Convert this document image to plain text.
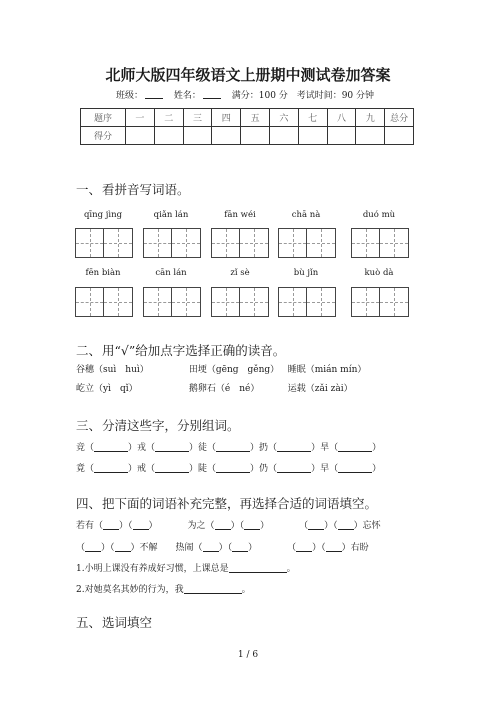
北师大版四年级语文上册期中测试卷加答案
班级：	姓名：	满分：100 分 考试时间：90 分钟
题序	一	二	三	四	五	六	七	八	九	总分
得分										
一、看拼音写词语。
qīng jìng	qiǎn lán	fān wéi	chā nà	duó mù
fēn biàn	cān lán	zǐ sè	bù jǐn	kuò dà
二、用“√”给加点字选择正确的读音。
谷穗（suì　huì）	田埂（gēng　gěng） 睡眠（mián mín）
屹立（yì　qǐ）	鹅卵石（é　né）	运载（zǎi zài）
三、分清这些字，分别组词。
竞（	）戎（	）徒（	）扔（	）旱（	）
竟（	）戒（	）陡（	）仍（	）早（	）
四、把下面的词语补充完整，再选择合适的词语填空。
若有（ ）（ ）	为之（ ）（ ）	（ ）（ ）忘怀
（ ）（ ）不解 热闹（ ）（ ）	（ ）（ ）右盼
1.小明上课没有养成好习惯，上课总是	。
2.对她莫名其妙的行为，我	。
五、选词填空
1 / 6
